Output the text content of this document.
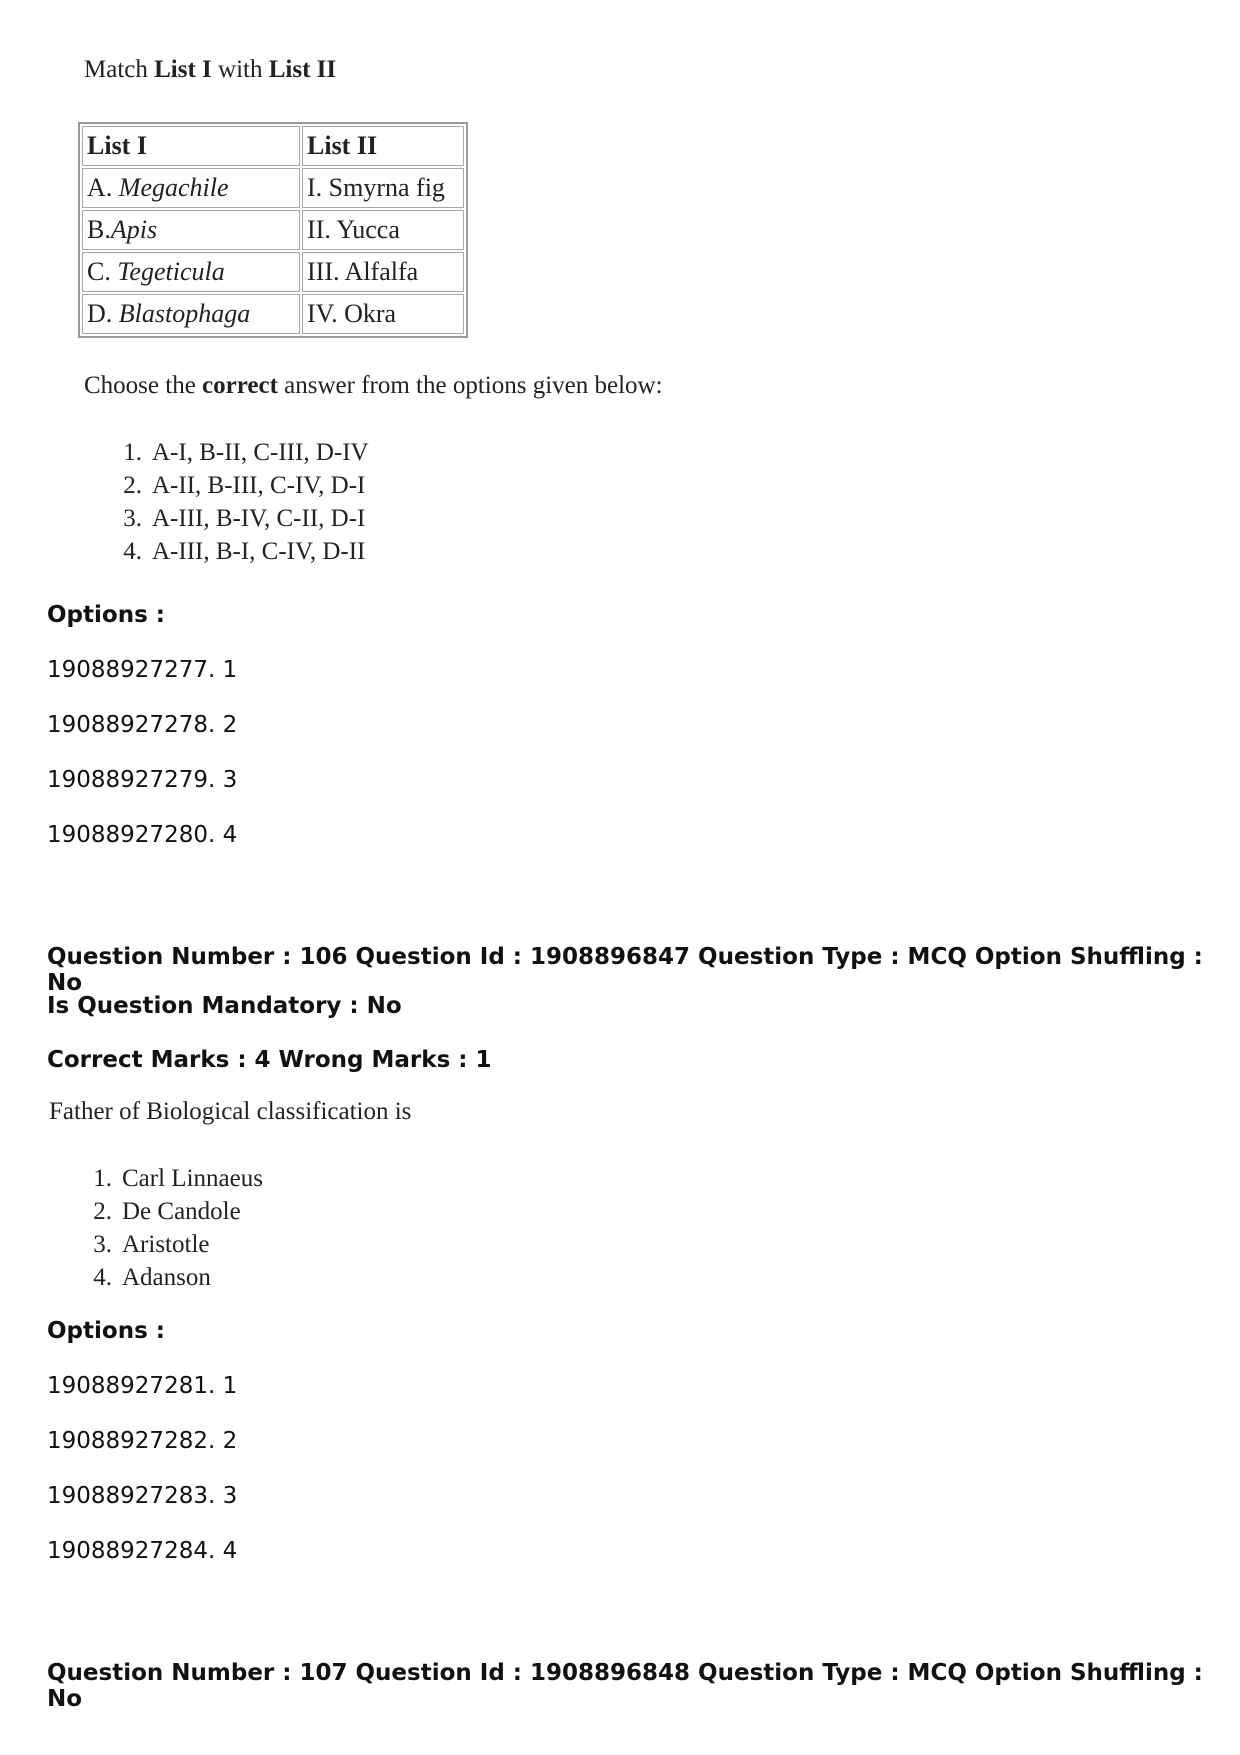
Match List I with List II
List I	List II
A. Megachile	I. Smyrna fig
B.Apis	II. Yucca
C. Tegeticula	III. Alfalfa
D. Blastophaga	IV. Okra
Choose the correct answer from the options given below:
1. A-I, B-II, C-III, D-IV
2. A-II, B-III, C-IV, D-I
3. A-III, B-IV, C-II, D-I
4. A-III, B-I, C-IV, D-II
Options :
19088927277. 1
19088927278. 2
19088927279. 3
19088927280. 4
Question Number : 106 Question Id : 1908896847 Question Type : MCQ Option Shuffling : No
Is Question Mandatory : No
Correct Marks : 4 Wrong Marks : 1
Father of Biological classification is
1. Carl Linnaeus
2. De Candole
3. Aristotle
4. Adanson
Options :
19088927281. 1
19088927282. 2
19088927283. 3
19088927284. 4
Question Number : 107 Question Id : 1908896848 Question Type : MCQ Option Shuffling : No
